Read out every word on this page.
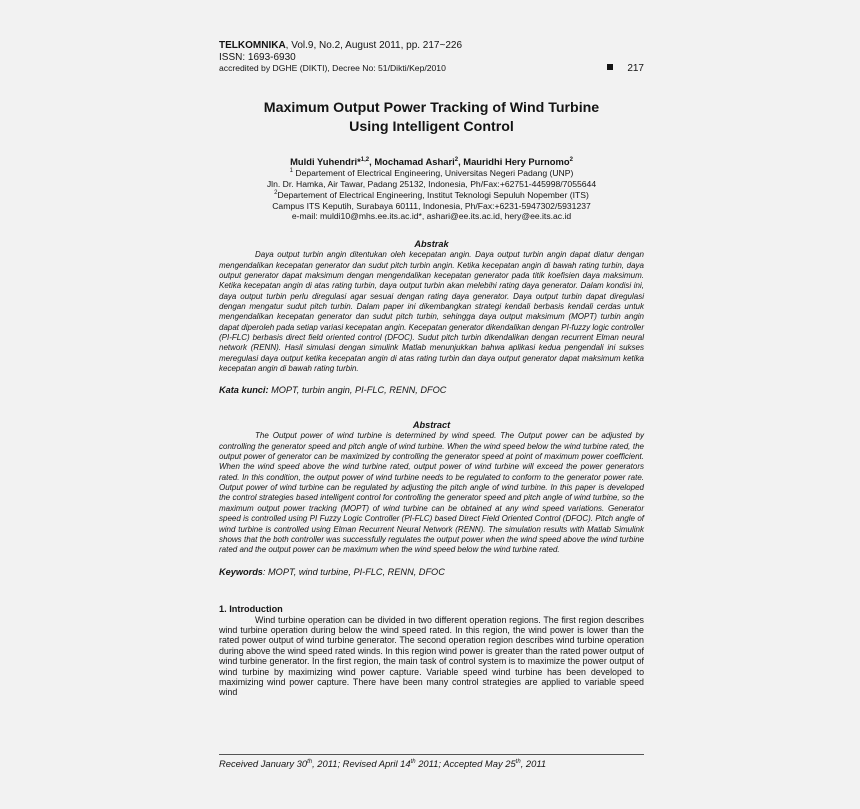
TELKOMNIKA, Vol.9, No.2, August 2011, pp. 217~226
ISSN: 1693-6930
accredited by DGHE (DIKTI), Decree No: 51/Dikti/Kep/2010	217
Maximum Output Power Tracking of Wind Turbine
Using Intelligent Control
Muldi Yuhendri*$^{1,2}$, Mochamad Ashari$^2$, Mauridhi Hery Purnomo$^2$
$^1$ Departement of Electrical Engineering, Universitas Negeri Padang (UNP)
Jln. Dr. Hamka, Air Tawar, Padang 25132, Indonesia, Ph/Fax:+62751-445998/7055644
$^2$Departement of Electrical Engineering, Institut Teknologi Sepuluh Nopember (ITS)
Campus ITS Keputih, Surabaya 60111, Indonesia, Ph/Fax:+6231-5947302/5931237
e-mail: muldi10@mhs.ee.its.ac.id*, ashari@ee.its.ac.id, hery@ee.its.ac.id
Abstrak
Daya output turbin angin ditentukan oleh kecepatan angin. Daya output turbin angin dapat diatur dengan mengendalikan kecepatan generator dan sudut pitch turbin angin. Ketika kecepatan angin di bawah rating turbin, daya output generator dapat maksimum dengan mengendalikan kecepatan generator pada titik koefisien daya maksimum. Ketika kecepatan angin di atas rating turbin, daya output turbin akan melebihi rating daya generator. Dalam kondisi ini, daya output turbin perlu diregulasi agar sesuai dengan rating daya generator. Daya output turbin dapat diregulasi dengan mengatur sudut pitch turbin. Dalam paper ini dikembangkan strategi kendali berbasis kendali cerdas untuk mengendalikan kecepatan generator dan sudut pitch turbin, sehingga daya output maksimum (MOPT) turbin angin dapat diperoleh pada setiap variasi kecepatan angin. Kecepatan generator dikendalikan dengan PI-fuzzy logic controller (PI-FLC) berbasis direct field oriented control (DFOC). Sudut pitch turbin dikendalikan dengan recurrent Elman neural network (RENN). Hasil simulasi dengan simulink Matlab menunjukkan bahwa aplikasi kedua pengendali ini sukses meregulasi daya output ketika kecepatan angin di atas rating turbin dan daya output generator dapat maksimum ketika kecepatan angin di bawah rating turbin.
Kata kunci: MOPT, turbin angin, PI-FLC, RENN, DFOC
Abstract
The Output power of wind turbine is determined by wind speed. The Output power can be adjusted by controlling the generator speed and pitch angle of wind turbine. When the wind speed below the wind turbine rated, the output power of generator can be maximized by controlling the generator speed at point of maximum power coefficient. When the wind speed above the wind turbine rated, output power of wind turbine will exceed the power generators rated. In this condition, the output power of wind turbine needs to be regulated to conform to the generator power rate. Output power of wind turbine can be regulated by adjusting the pitch angle of wind turbine. In this paper is developed the control strategies based intelligent control for controlling the generator speed and pitch angle of wind turbine, so the maximum output power tracking (MOPT) of wind turbine can be obtained at any wind speed variations. Generator speed is controlled using PI Fuzzy Logic Controller (PI-FLC) based Direct Field Oriented Control (DFOC). Pitch angle of wind turbine is controlled using Elman Recurrent Neural Network (RENN). The simulation results with Matlab Simulink shows that the both controller was successfully regulates the output power when the wind speed above the wind turbine rated and the output power can be maximum when the wind speed below the wind turbine rated.
Keywords: MOPT, wind turbine, PI-FLC, RENN, DFOC
1. Introduction
Wind turbine operation can be divided in two different operation regions. The first region describes wind turbine operation during below the wind speed rated. In this region, the wind power is lower than the rated power output of wind turbine generator. The second operation region describes wind turbine operation during above the wind speed rated winds. In this region wind power is greater than the rated power output of wind turbine generator. In the first region, the main task of control system is to maximize the power output of wind turbine by maximizing wind power capture. Variable speed wind turbine has been developed to maximizing wind power capture. There have been many control strategies are applied to variable speed wind
Received January 30th, 2011; Revised April 14th 2011; Accepted May 25th, 2011
